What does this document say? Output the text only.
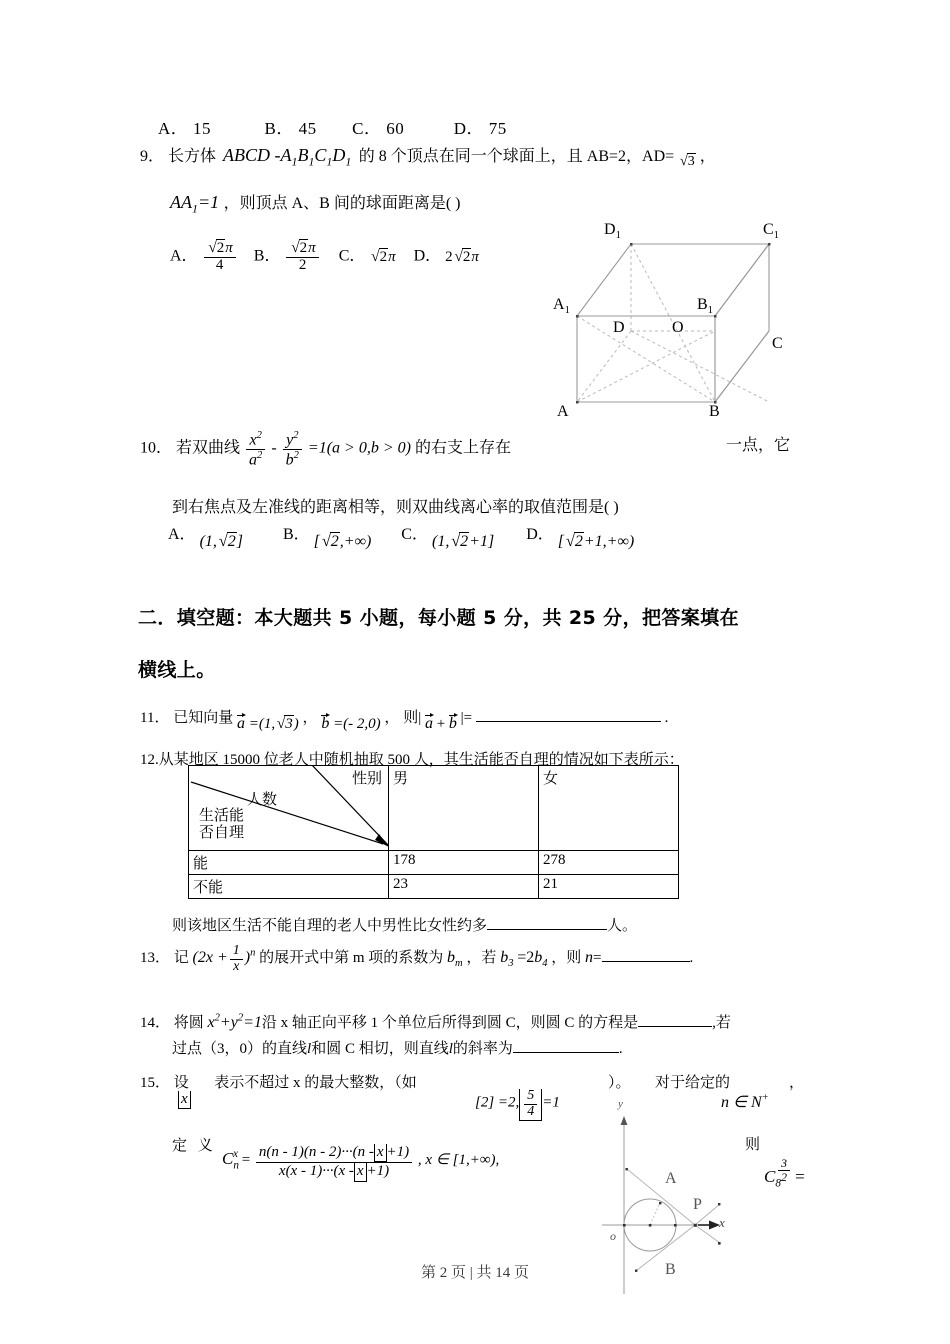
A． 15	B． 45 C． 60	D． 75
9． 长方体 ABCD $-A_1B_1C_1D_1$ 的 8 个顶点在同一个球面上，且 AB=2，AD= √3 ，
$AA_1=1$ ，则顶点 A、B 间的球面距离是( )
A． $\frac{√2\pi}{4}$ B． $\frac{√2\pi}{2}$ C． √2π D． 2 √2π
$D_1$	$C_1$
$A_1$	$B_1$
D	O
C
A	B
10． 若双曲线 $\frac{x^2}{a^2} - \frac{y^2}{b^2} =1(a > 0,b > 0)$ 的右支上存在	一点，它
到右焦点及左准线的距离相等，则双曲线离心率的取值范围是( )
A． (1, √2]	B． [ √2,+∞) C． (1, √2+1] D． [ √2+1,+∞)
二．填空题：本大题共 5 小题，每小题 5 分，共 25 分，把答案填在
横线上。
11． 已知向量 a =(1, √3) ， b =(- 2,0) ， 则| a + b |=	.
12.从某地区 15000 位老人中随机抽取 500 人，其生活能否自理的情况如下表所示：
性别
人数
生活能
否自理	男	女
能	178	278
不能	23	21
则该地区生活不能自理的老人中男性比女性约多	人。
13． 记 $(2x + \frac{1}{x} )^n$ 的展开式中第 m 项的系数为 $b_m$ ，若 $b_3 =2b_4$ ，则 n=	.
14． 将圆 $x^2+y^2=1$沿 x 轴正向平移 1 个单位后所得到圆 C，则圆 C 的方程是	,若
过点（3，0）的直线l和圆 C 相切，则直线l的斜率为	.
15． 设 表示不超过 x 的最大整数，（如
x	[2] =2, $\frac{5}{4} =1$
）。 对于给定的	，
n ∈ N+
定 义
$C_n^x = \frac{n(n - 1)(n - 2)\cdot\cdot\cdot(n - x +1)}{x(x - 1)\cdot\cdot\cdot(x - x +1)}$ , x ∈ [1,+∞),
则
$C_8$
$^{\frac{3}{2}}$ =
y
x
o
A
P
B
第 2 页 | 共 14 页
